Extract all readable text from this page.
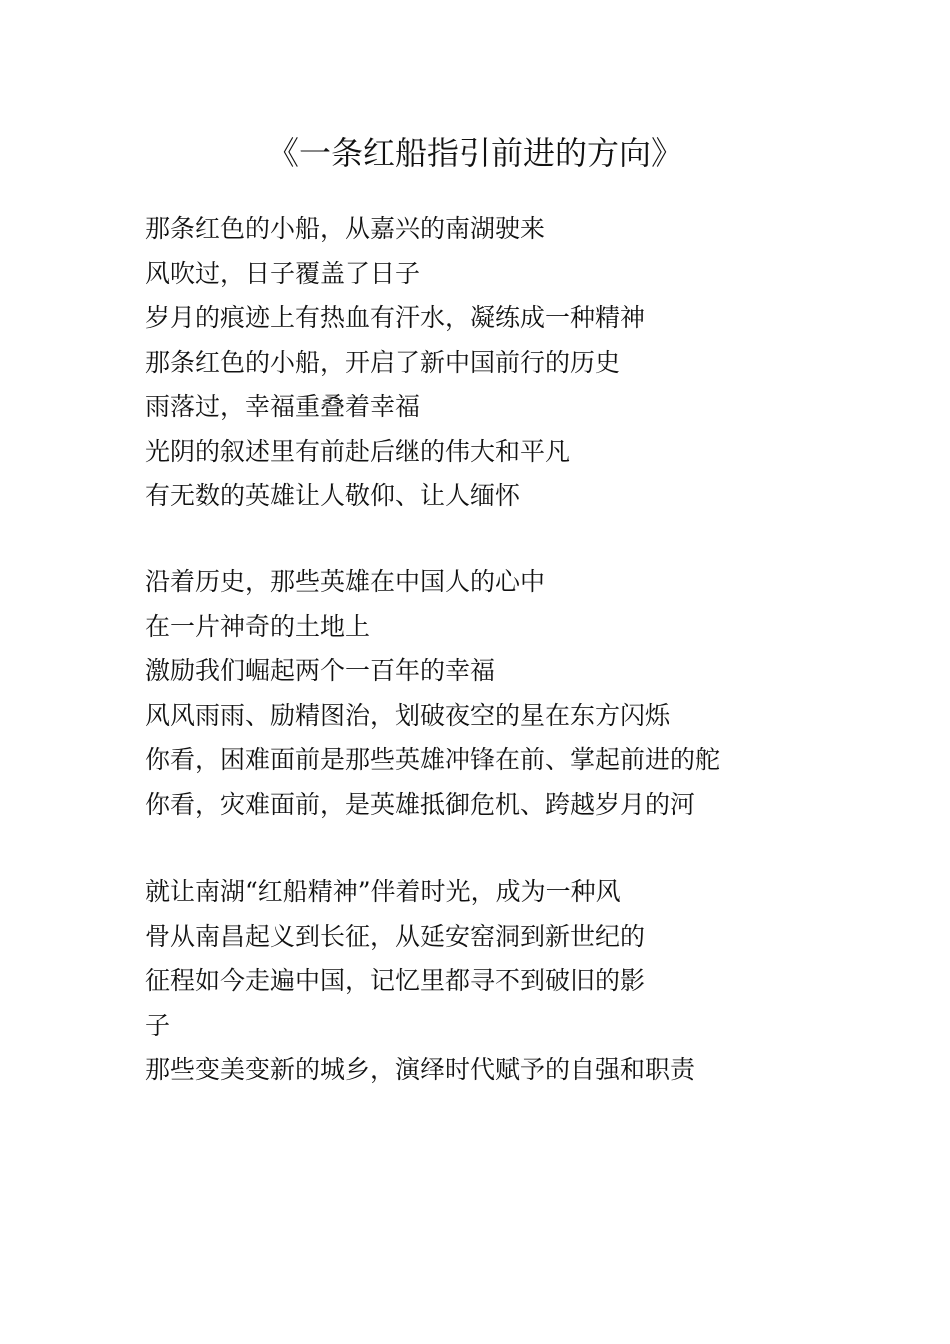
《一条红船指引前进的方向》
那条红色的小船，从嘉兴的南湖驶来
风吹过，日子覆盖了日子
岁月的痕迹上有热血有汗水，凝练成一种精神
那条红色的小船，开启了新中国前行的历史
雨落过，幸福重叠着幸福
光阴的叙述里有前赴后继的伟大和平凡
有无数的英雄让人敬仰、让人缅怀
沿着历史，那些英雄在中国人的心中
在一片神奇的土地上
激励我们崛起两个一百年的幸福
风风雨雨、励精图治，划破夜空的星在东方闪烁
你看，困难面前是那些英雄冲锋在前、掌起前进的舵
你看，灾难面前，是英雄抵御危机、跨越岁月的河
就让南湖“红船精神”伴着时光，成为一种风
骨从南昌起义到长征，从延安窑洞到新世纪的
征程如今走遍中国，记忆里都寻不到破旧的影
子
那些变美变新的城乡，演绎时代赋予的自强和职责
